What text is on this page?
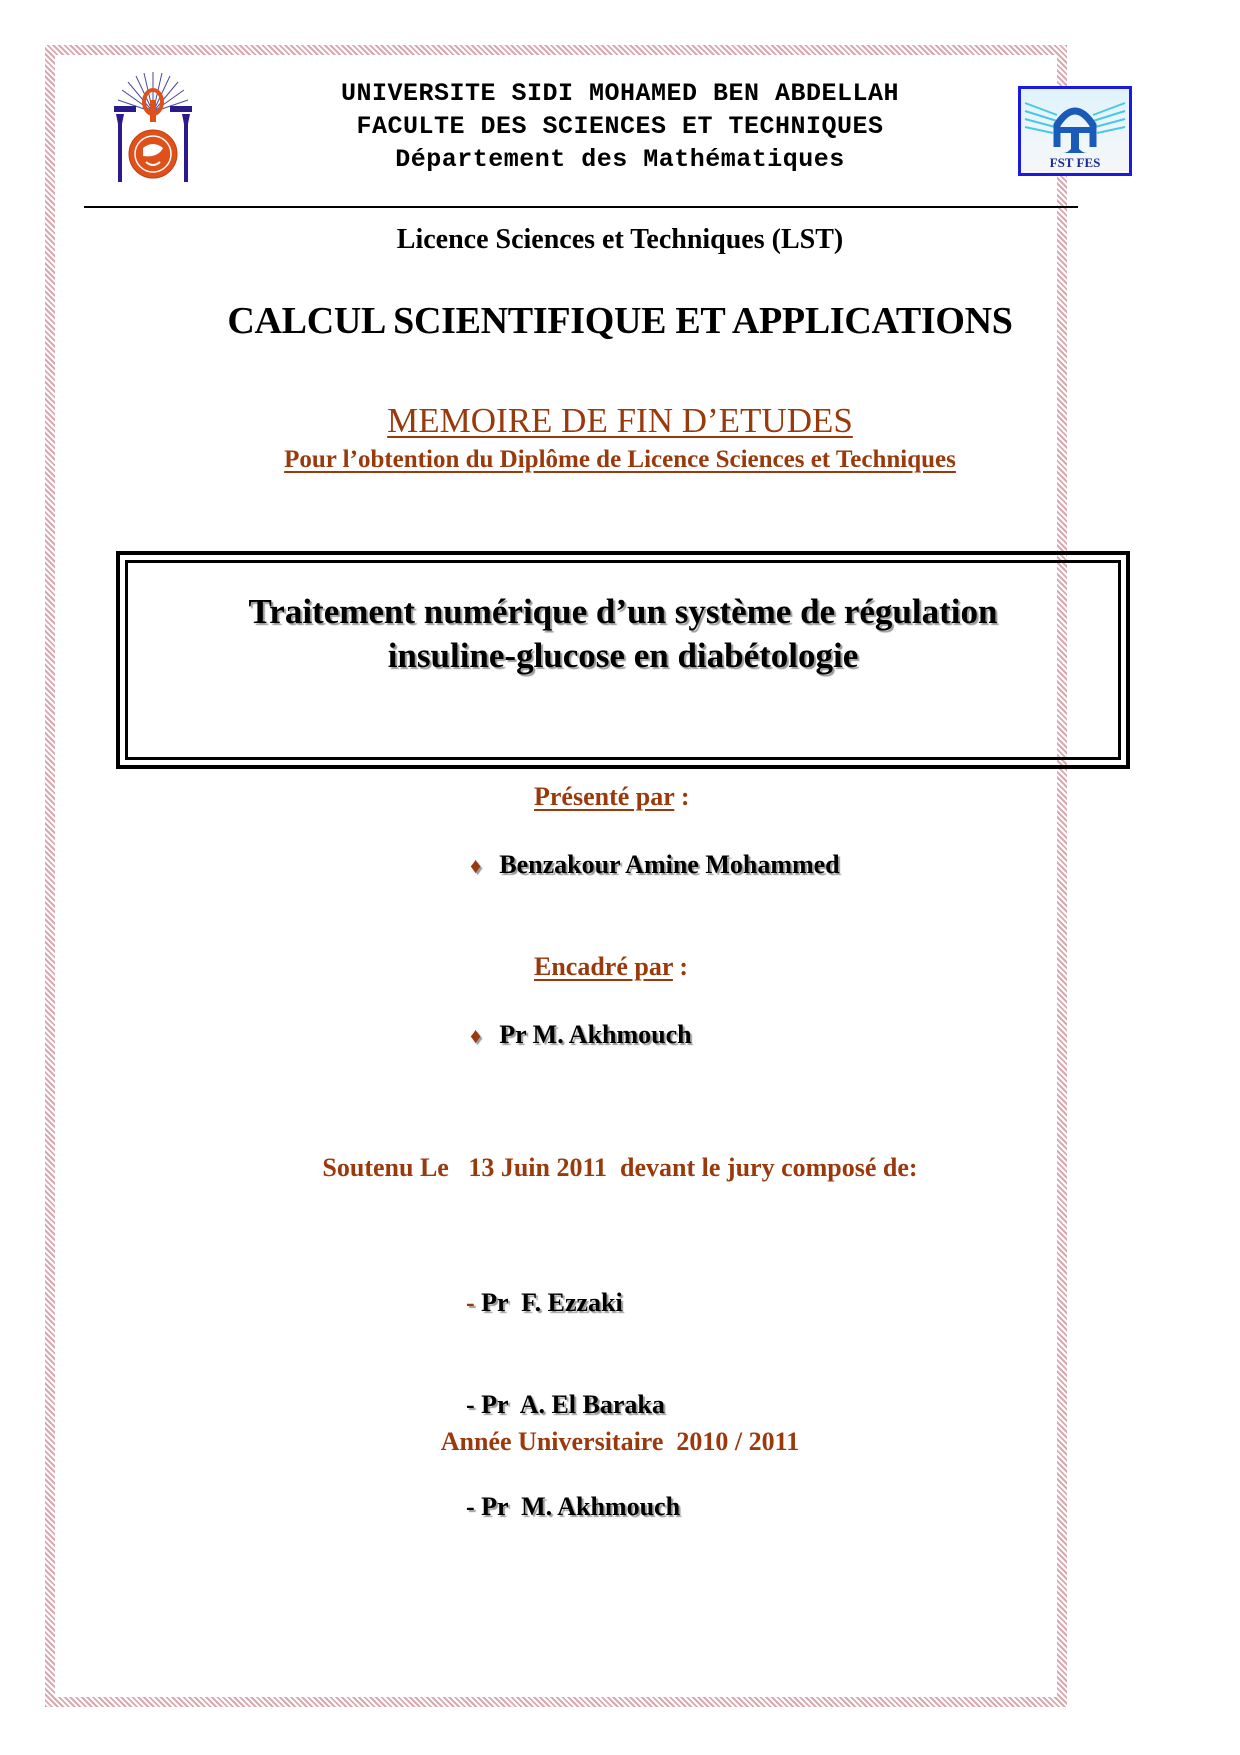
UNIVERSITE SIDI MOHAMED BEN ABDELLAH
FACULTE DES SCIENCES ET TECHNIQUES
Département des Mathématiques	FST FES
Licence Sciences et Techniques (LST)
CALCUL SCIENTIFIQUE ET APPLICATIONS
MEMOIRE DE FIN D’ETUDES
Pour l’obtention du Diplôme de Licence Sciences et Techniques
Traitement numérique d’un système de régulation
insuline-glucose en diabétologie
Présenté par :
♦ Benzakour Amine Mohammed
Encadré par :
♦ Pr M. Akhmouch
Soutenu Le   13 Juin 2011  devant le jury composé de:

- Pr  F. Ezzaki

- Pr  A. El Baraka

- Pr  M. Akhmouch

Année Universitaire  2010 / 2011
